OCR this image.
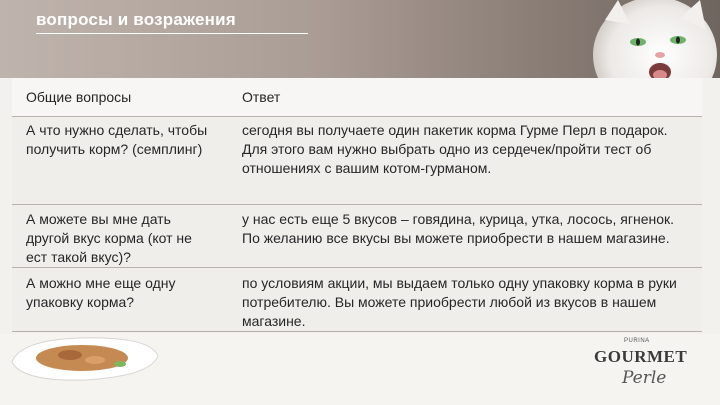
вопросы и возражения
Общие вопросы	Ответ
А что нужно сделать, чтобы получить корм? (семплинг)
сегодня вы получаете один пакетик корма Гурме Перл в подарок. Для этого вам нужно выбрать одно из сердечек/пройти тест об отношениях с вашим котом-гурманом.
А можете вы мне дать другой вкус корма (кот не ест такой вкус)?
у нас есть еще 5 вкусов – говядина, курица, утка, лосось, ягненок. По желанию все вкусы вы можете приобрести в нашем магазине.
А можно мне еще одну упаковку корма?
по условиям акции, мы выдаем только одну упаковку корма в руки потребителю. Вы можете приобрести любой из вкусов в нашем магазине.
PURINA
GOURMET
Perle
